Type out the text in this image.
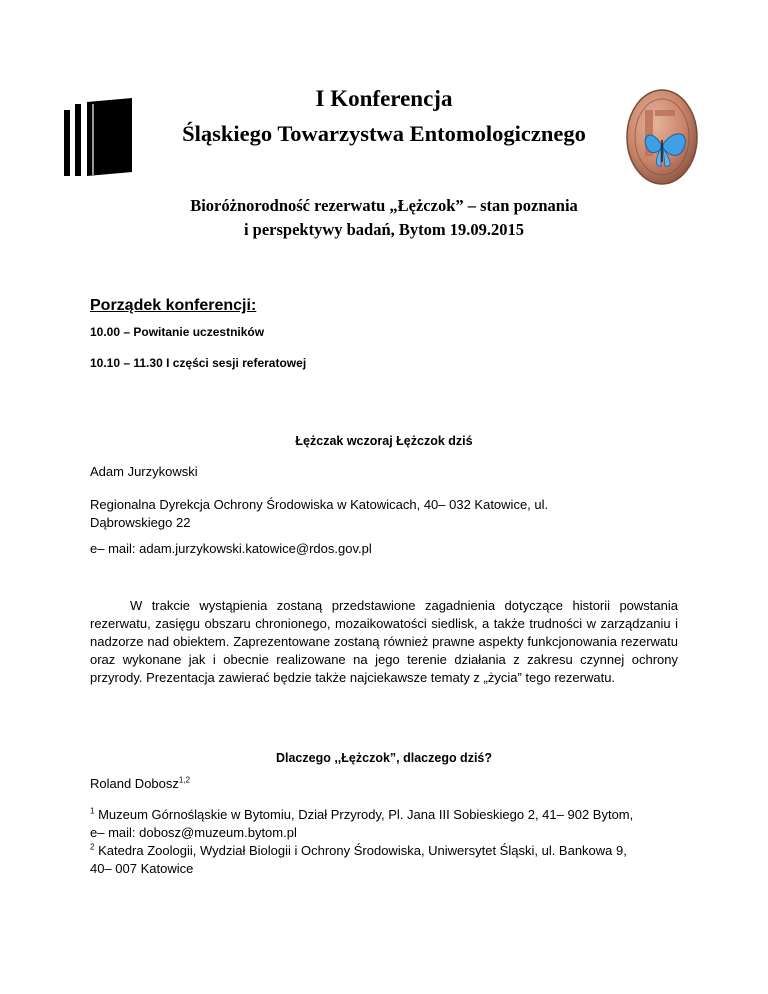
I Konferencja
Śląskiego Towarzystwa Entomologicznego
Bioróżnorodność rezerwatu „Łężczok” – stan poznania
i perspektywy badań, Bytom 19.09.2015
Porządek konferencji:
10.00 – Powitanie uczestników
10.10 – 11.30 I części sesji referatowej
Łężczak wczoraj Łężczok dziś
Adam Jurzykowski
Regionalna Dyrekcja Ochrony Środowiska w Katowicach, 40– 032 Katowice, ul.
Dąbrowskiego 22
e– mail: adam.jurzykowski.katowice@rdos.gov.pl
W trakcie wystąpienia zostaną przedstawione zagadnienia dotyczące historii powstania rezerwatu, zasięgu obszaru chronionego, mozaikowatości siedlisk, a także trudności w zarządzaniu i nadzorze nad obiektem. Zaprezentowane zostaną również prawne aspekty funkcjonowania rezerwatu oraz wykonane jak i obecnie realizowane na jego terenie działania z zakresu czynnej ochrony przyrody. Prezentacja zawierać będzie także najciekawsze tematy z „życia” tego rezerwatu.
Dlaczego ,,Łężczok”, dlaczego dziś?
Roland Dobosz$^{1,2}$
$^1$ Muzeum Górnośląskie w Bytomiu, Dział Przyrody, Pl. Jana III Sobieskiego 2, 41– 902 Bytom,
e– mail: dobosz@muzeum.bytom.pl
$^2$ Katedra Zoologii, Wydział Biologii i Ochrony Środowiska, Uniwersytet Śląski, ul. Bankowa 9,
40– 007 Katowice
